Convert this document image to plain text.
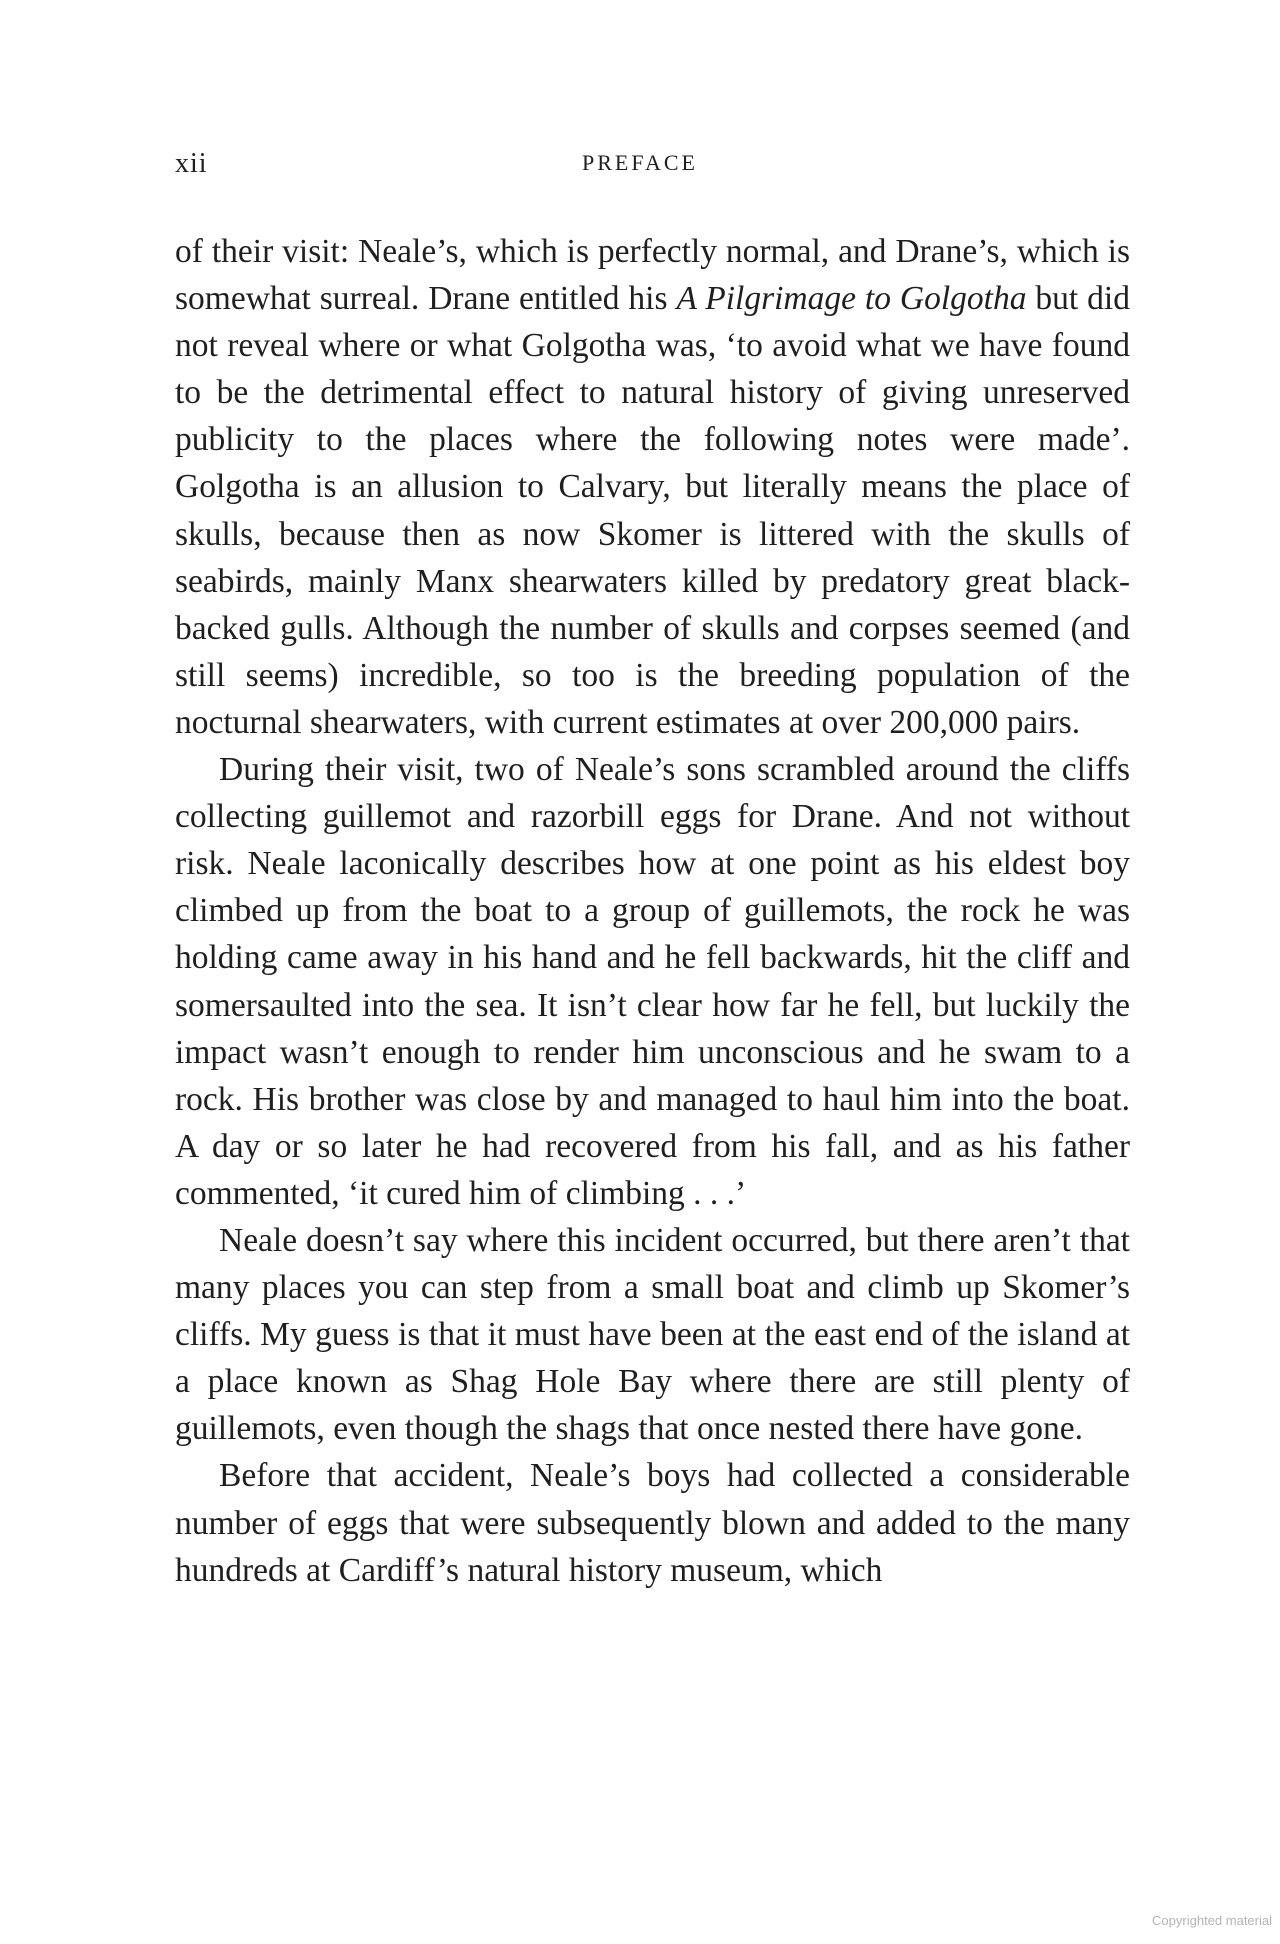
xii	PREFACE

of their visit: Neale’s, which is perfectly normal, and Drane’s, which is somewhat surreal. Drane entitled his A Pilgrimage to Golgotha but did not reveal where or what Golgotha was, ‘to avoid what we have found to be the detrimental effect to natural history of giving unreserved publicity to the places where the following notes were made’. Golgotha is an allusion to Calvary, but literally means the place of skulls, because then as now Skomer is littered with the skulls of seabirds, mainly Manx shearwaters killed by predatory great black-backed gulls. Although the number of skulls and corpses seemed (and still seems) incredible, so too is the breeding population of the nocturnal shearwaters, with current estimates at over 200,000 pairs.

During their visit, two of Neale’s sons scrambled around the cliffs collecting guillemot and razorbill eggs for Drane. And not without risk. Neale laconically describes how at one point as his eldest boy climbed up from the boat to a group of guillemots, the rock he was holding came away in his hand and he fell backwards, hit the cliff and somersaulted into the sea. It isn’t clear how far he fell, but luckily the impact wasn’t enough to render him unconscious and he swam to a rock. His brother was close by and managed to haul him into the boat. A day or so later he had recovered from his fall, and as his father commented, ‘it cured him of climbing . . .’

Neale doesn’t say where this incident occurred, but there aren’t that many places you can step from a small boat and climb up Skomer’s cliffs. My guess is that it must have been at the east end of the island at a place known as Shag Hole Bay where there are still plenty of guillemots, even though the shags that once nested there have gone.

Before that accident, Neale’s boys had collected a considerable number of eggs that were subsequently blown and added to the many hundreds at Cardiff’s natural history museum, which

Copyrighted material
